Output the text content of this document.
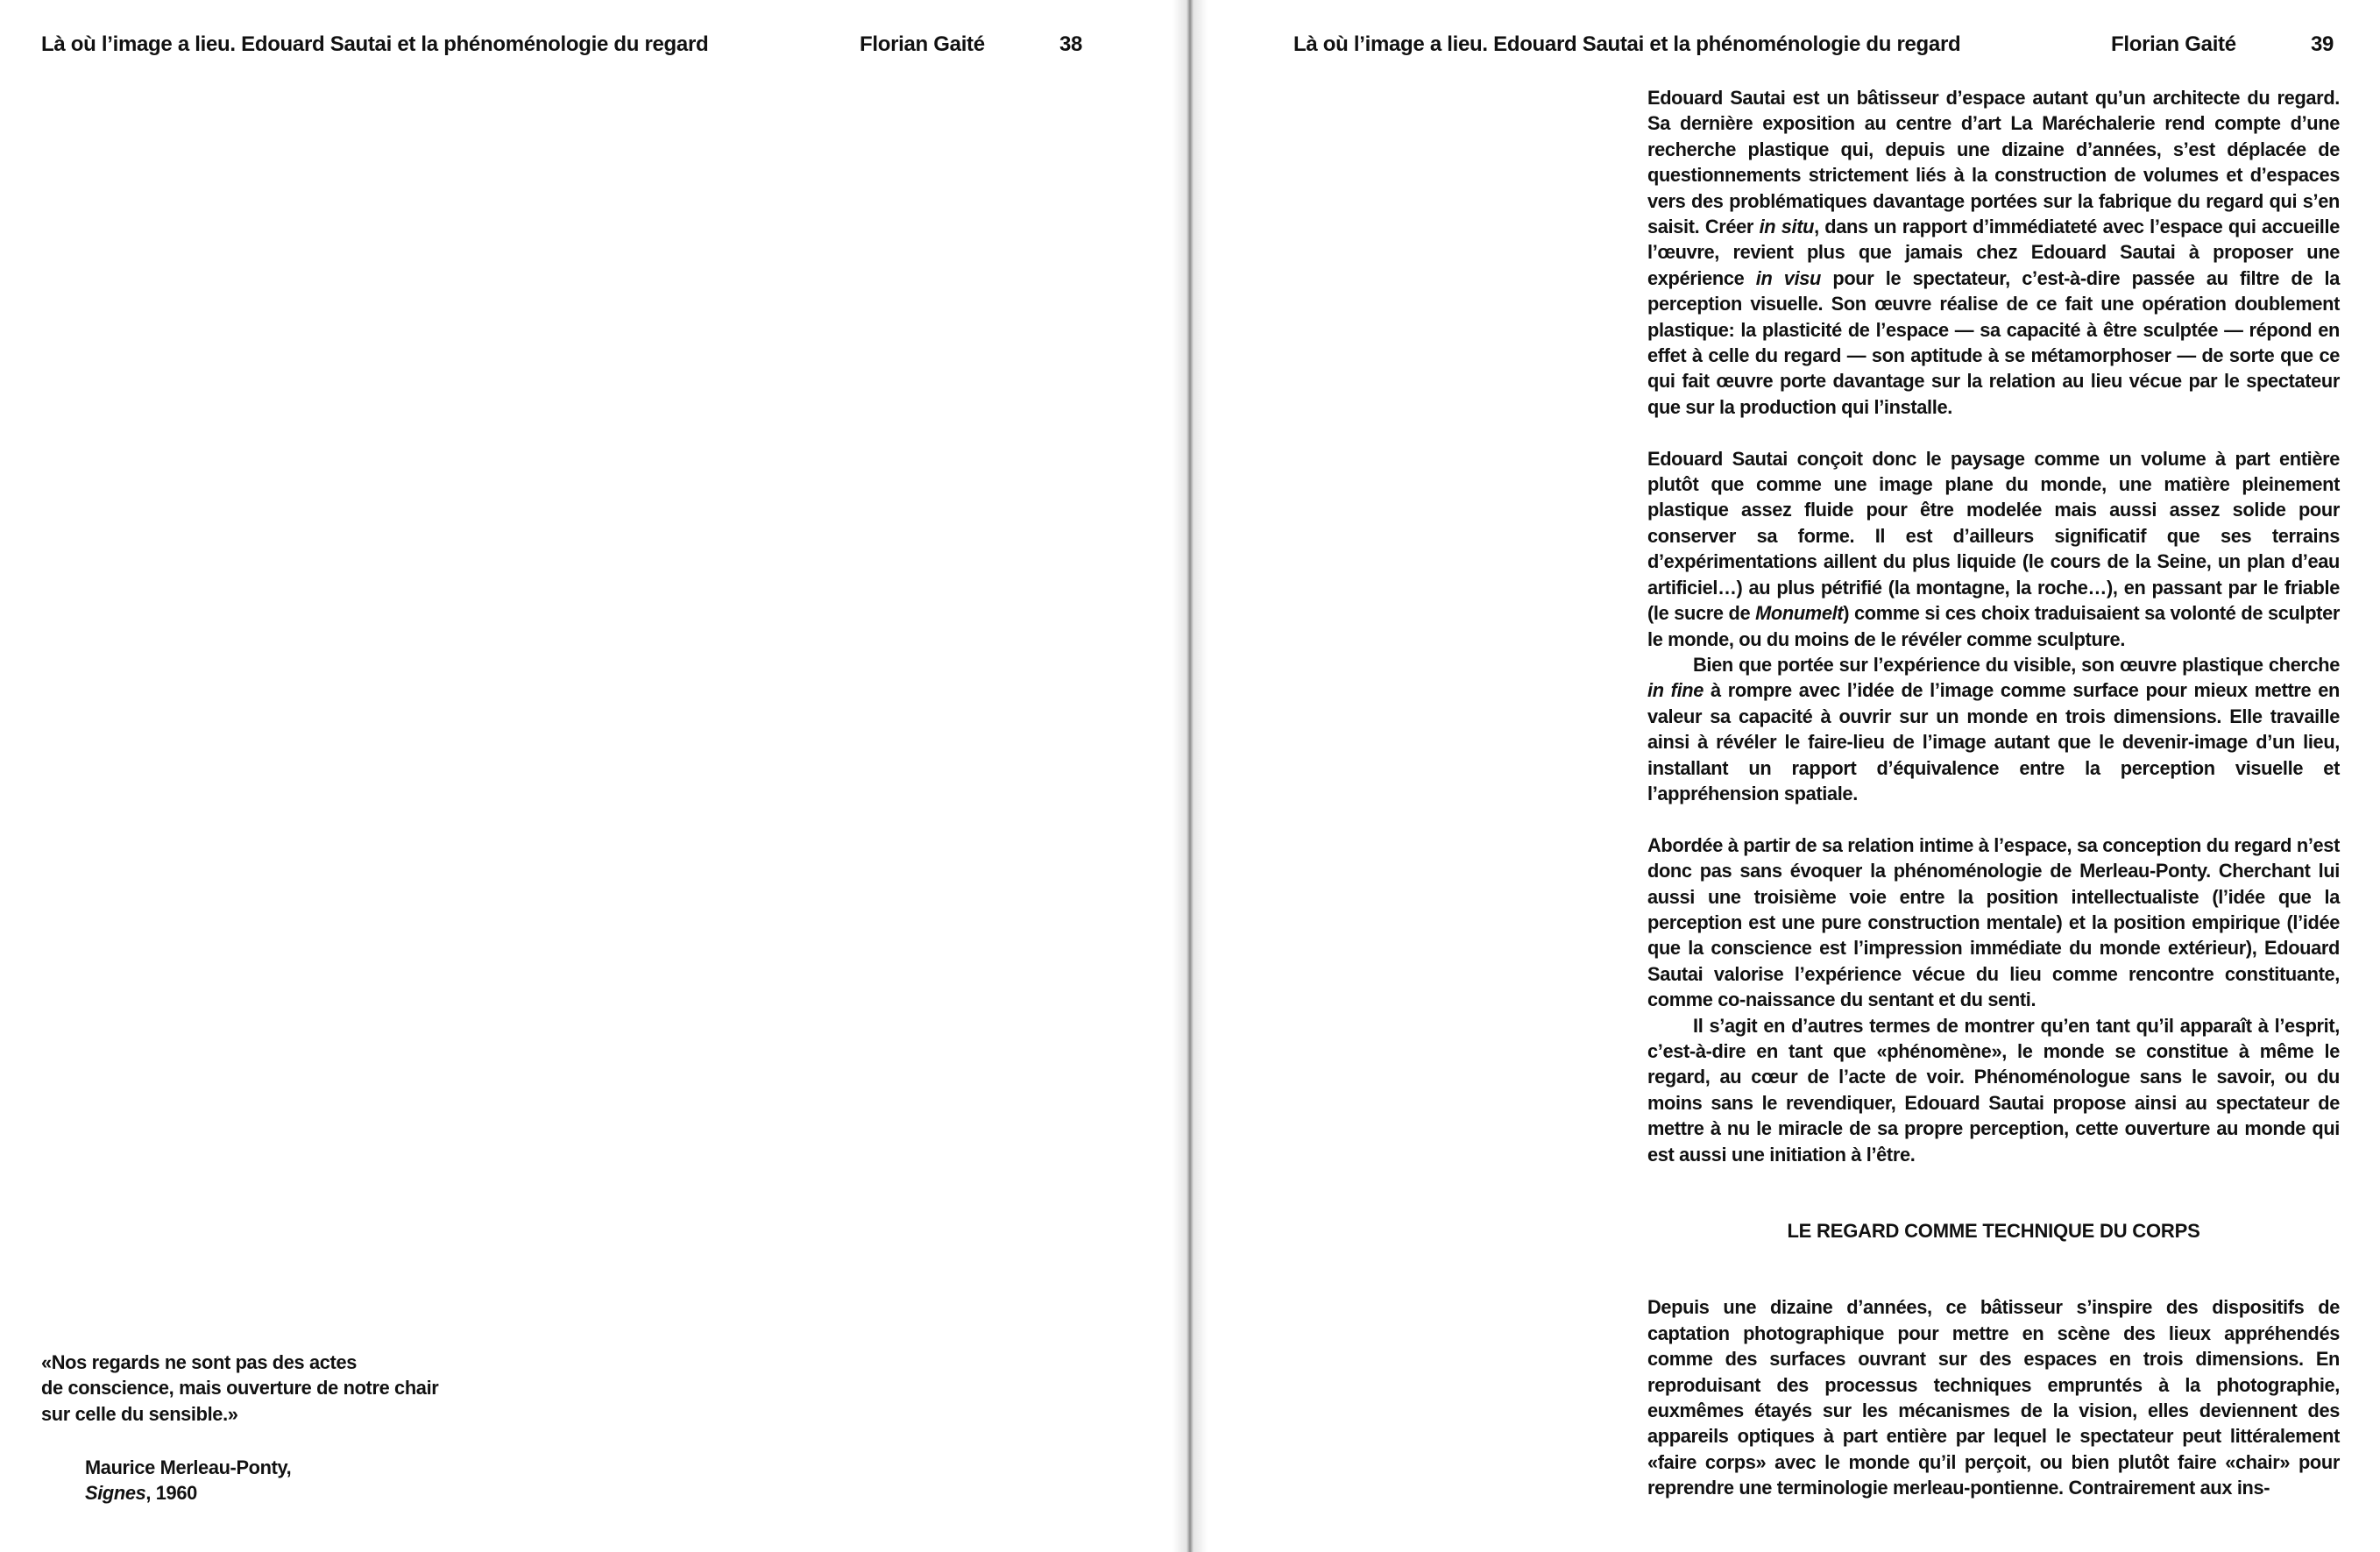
Là où l’image a lieu. Edouard Sautai et la phénoménologie du regard	Florian Gaité	38
«Nos regards ne sont pas des actes
de conscience, mais ouverture de notre chair
sur celle du sensible.»
Maurice Merleau-Ponty,
Signes, 1960
Là où l’image a lieu. Edouard Sautai et la phénoménologie du regard	Florian Gaité	39

Edouard Sautai est un bâtisseur d’espace autant qu’un architecte du regard. Sa dernière exposition au centre d’art La Maréchalerie rend compte d’une recherche plastique qui, depuis une dizaine d’années, s’est déplacée de questionnements strictement liés à la construction de volumes et d’espaces vers des problématiques davantage portées sur la fabrique du regard qui s’en saisit. Créer in situ, dans un rapport d’immédiateté avec l’espace qui accueille l’œuvre, revient plus que jamais chez Edouard Sautai à proposer une expérience in visu pour le spectateur, c’est-à-dire passée au filtre de la perception visuelle. Son œuvre réalise de ce fait une opération doublement plastique: la plasticité de l’espace — sa capacité à être sculptée — répond en effet à celle du regard — son aptitude à se métamorphoser — de sorte que ce qui fait œuvre porte davantage sur la relation au lieu vécue par le spectateur que sur la production qui l’installe.

Edouard Sautai conçoit donc le paysage comme un volume à part entière plutôt que comme une image plane du monde, une matière pleinement plastique assez fluide pour être modelée mais aussi assez solide pour conserver sa forme. Il est d’ailleurs significatif que ses terrains d’expérimentations aillent du plus liquide (le cours de la Seine, un plan d’eau artificiel…) au plus pétrifié (la montagne, la roche…), en passant par le friable (le sucre de Monumelt) comme si ces choix traduisaient sa volonté de sculpter le monde, ou du moins de le révéler comme sculpture.

Bien que portée sur l’expérience du visible, son œuvre plastique cherche in fine à rompre avec l’idée de l’image comme surface pour mieux mettre en valeur sa capacité à ouvrir sur un monde en trois dimensions. Elle travaille ainsi à révéler le faire-lieu de l’image autant que le devenir-image d’un lieu, installant un rapport d’équivalence entre la perception visuelle et l’appréhension spatiale.

Abordée à partir de sa relation intime à l’espace, sa conception du regard n’est donc pas sans évoquer la phénoménologie de Merleau-Ponty. Cherchant lui aussi une troisième voie entre la position intellectualiste (l’idée que la perception est une pure construction mentale) et la position empirique (l’idée que la conscience est l’impression immédiate du monde extérieur), Edouard Sautai valorise l’expérience vécue du lieu comme rencontre constituante, comme co-naissance du sentant et du senti.

Il s’agit en d’autres termes de montrer qu’en tant qu’il apparaît à l’esprit, c’est-à-dire en tant que «phénomène», le monde se constitue à même le regard, au cœur de l’acte de voir. Phénoménologue sans le savoir, ou du moins sans le revendiquer, Edouard Sautai propose ainsi au spectateur de mettre à nu le miracle de sa propre perception, cette ouverture au monde qui est aussi une initiation à l’être.

LE REGARD COMME TECHNIQUE DU CORPS

Depuis une dizaine d’années, ce bâtisseur s’inspire des dispositifs de captation photographique pour mettre en scène des lieux appréhendés comme des surfaces ouvrant sur des espaces en trois dimensions. En reproduisant des processus techniques empruntés à la photographie, euxmêmes étayés sur les mécanismes de la vision, elles deviennent des appareils optiques à part entière par lequel le spectateur peut littéralement «faire corps» avec le monde qu’il perçoit, ou bien plutôt faire «chair» pour reprendre une terminologie merleau-pontienne. Contrairement aux ins-
